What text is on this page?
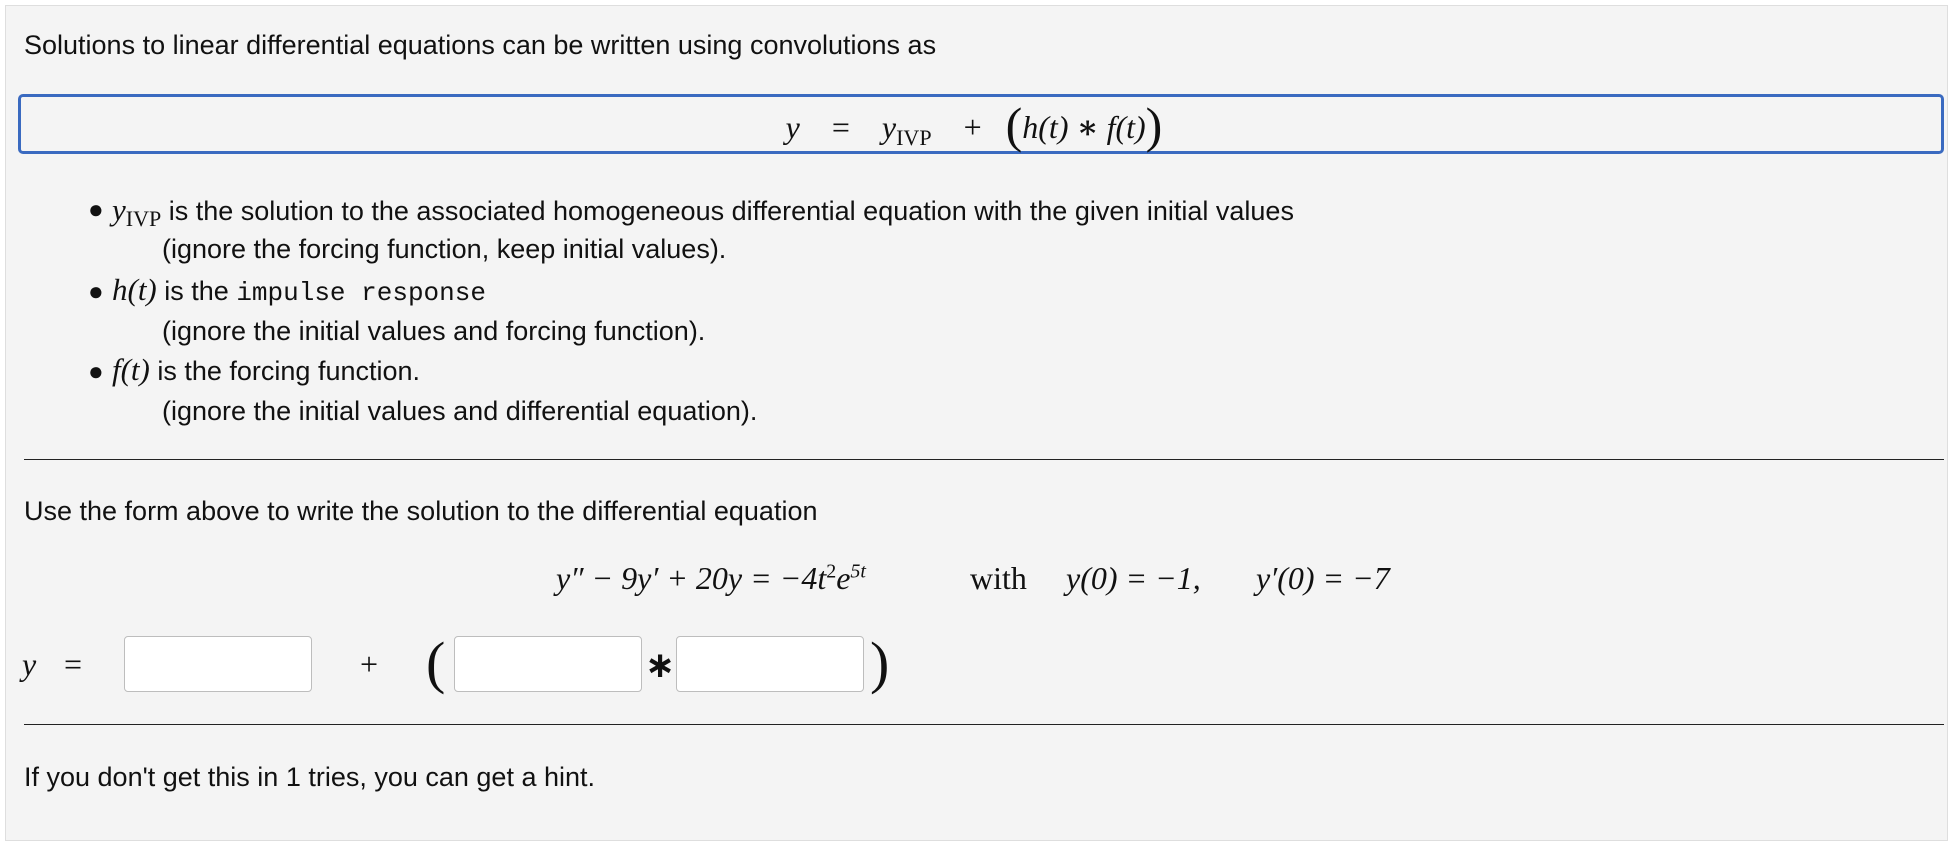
Solutions to linear differential equations can be written using convolutions as
$y = y_{IVP} + (h(t)$ ∗ f(t))
● $y_{IVP}$ is the solution to the associated homogeneous differential equation with the given initial values
(ignore the forcing function, keep initial values).
● h(t) is the impulse response
(ignore the initial values and forcing function).
● f(t) is the forcing function.
(ignore the initial values and differential equation).
Use the form above to write the solution to the differential equation
$y'' - 9y' + 20y = -4t^2e^{5t}$	with y(0) = −1, y′(0) = −7
y =	+ (	∗	)
If you don't get this in 1 tries, you can get a hint.
